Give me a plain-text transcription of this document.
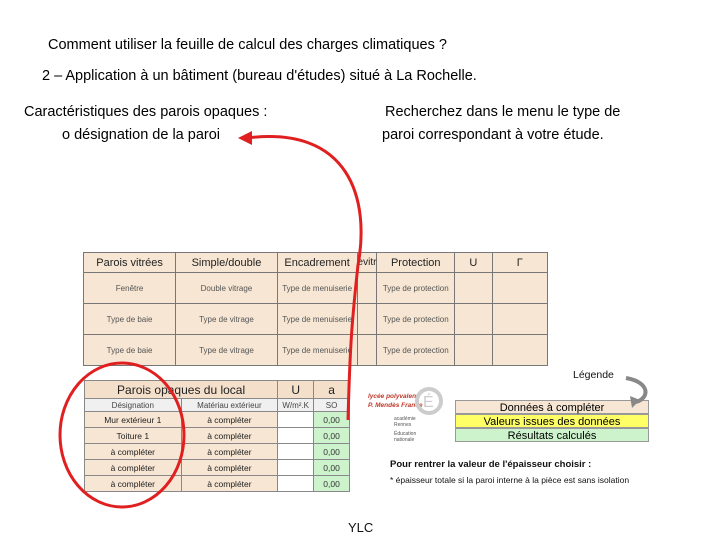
Comment utiliser la feuille de calcul des charges climatiques ?
2 – Application à un bâtiment (bureau d'études) situé à La Rochelle.
Caractéristiques des parois opaques :
o désignation de la paroi
Recherchez dans le menu le type de
paroi correspondant à votre étude.
Parois vitrées	Simple/double	Encadrement	evitr	Protection	U	Γ
Fenêtre	Double vitrage	Type de menuiserie		Type de protection		
Type de baie	Type de vitrage	Type de menuiserie		Type de protection		
Type de baie	Type de vitrage	Type de menuiserie		Type de protection		
Parois opaques du local		U	a
Désignation	Matériau extérieur	W/m².K	SO
Mur extérieur 1	à compléter		0,00
Toiture 1	à compléter		0,00
à compléter	à compléter		0,00
à compléter	à compléter		0,00
à compléter	à compléter		0,00
lycée polyvalent
P. Mendès France É
académie
Rennes
Éducation
nationale
Légende
Données à compléter
Valeurs issues des données
Résultats calculés
Pour rentrer la valeur de l'épaisseur choisir :
* épaisseur totale si la paroi interne à la pièce est sans isolation
YLC
